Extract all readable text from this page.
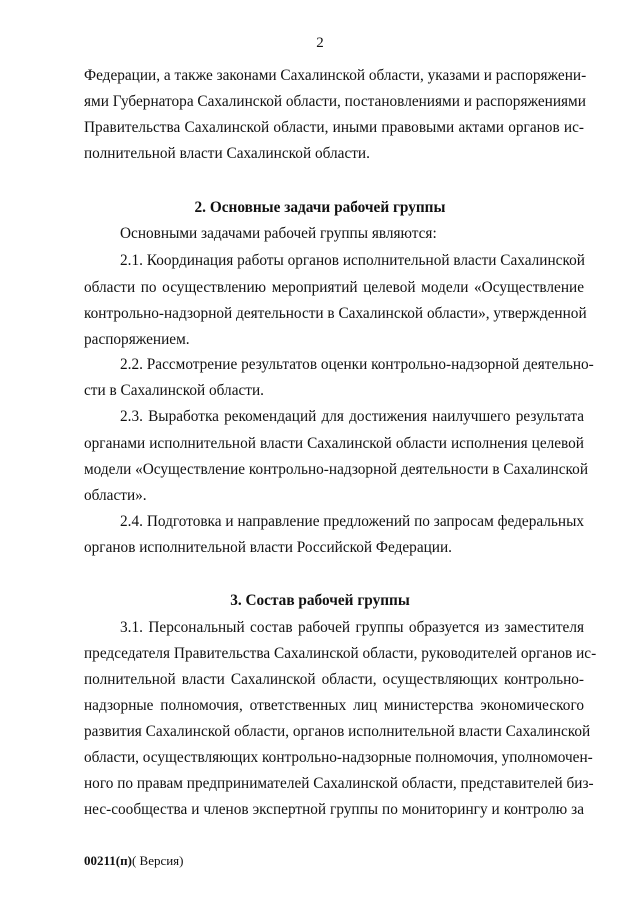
2
Федерации, а также законами Сахалинской области, указами и распоряжени-
ями Губернатора Сахалинской области, постановлениями и распоряжениями
Правительства Сахалинской области, иными правовыми актами органов ис-
полнительной власти Сахалинской области.
2. Основные задачи рабочей группы
Основными задачами рабочей группы являются:
2.1. Координация работы органов исполнительной власти Сахалинской
области по осуществлению мероприятий целевой модели «Осуществление
контрольно-надзорной деятельности в Сахалинской области», утвержденной
распоряжением.
2.2. Рассмотрение результатов оценки контрольно-надзорной деятельно-
сти в Сахалинской области.
2.3. Выработка рекомендаций для достижения наилучшего результата
органами исполнительной власти Сахалинской области исполнения целевой
модели «Осуществление контрольно-надзорной деятельности в Сахалинской
области».
2.4. Подготовка и направление предложений по запросам федеральных
органов исполнительной власти Российской Федерации.
3. Состав рабочей группы
3.1. Персональный состав рабочей группы образуется из заместителя
председателя Правительства Сахалинской области, руководителей органов ис-
полнительной власти Сахалинской области, осуществляющих контрольно-
надзорные полномочия, ответственных лиц министерства экономического
развития Сахалинской области, органов исполнительной власти Сахалинской
области, осуществляющих контрольно-надзорные полномочия, уполномочен-
ного по правам предпринимателей Сахалинской области, представителей биз-
нес-сообщества и членов экспертной группы по мониторингу и контролю за
00211(п)( Версия)
